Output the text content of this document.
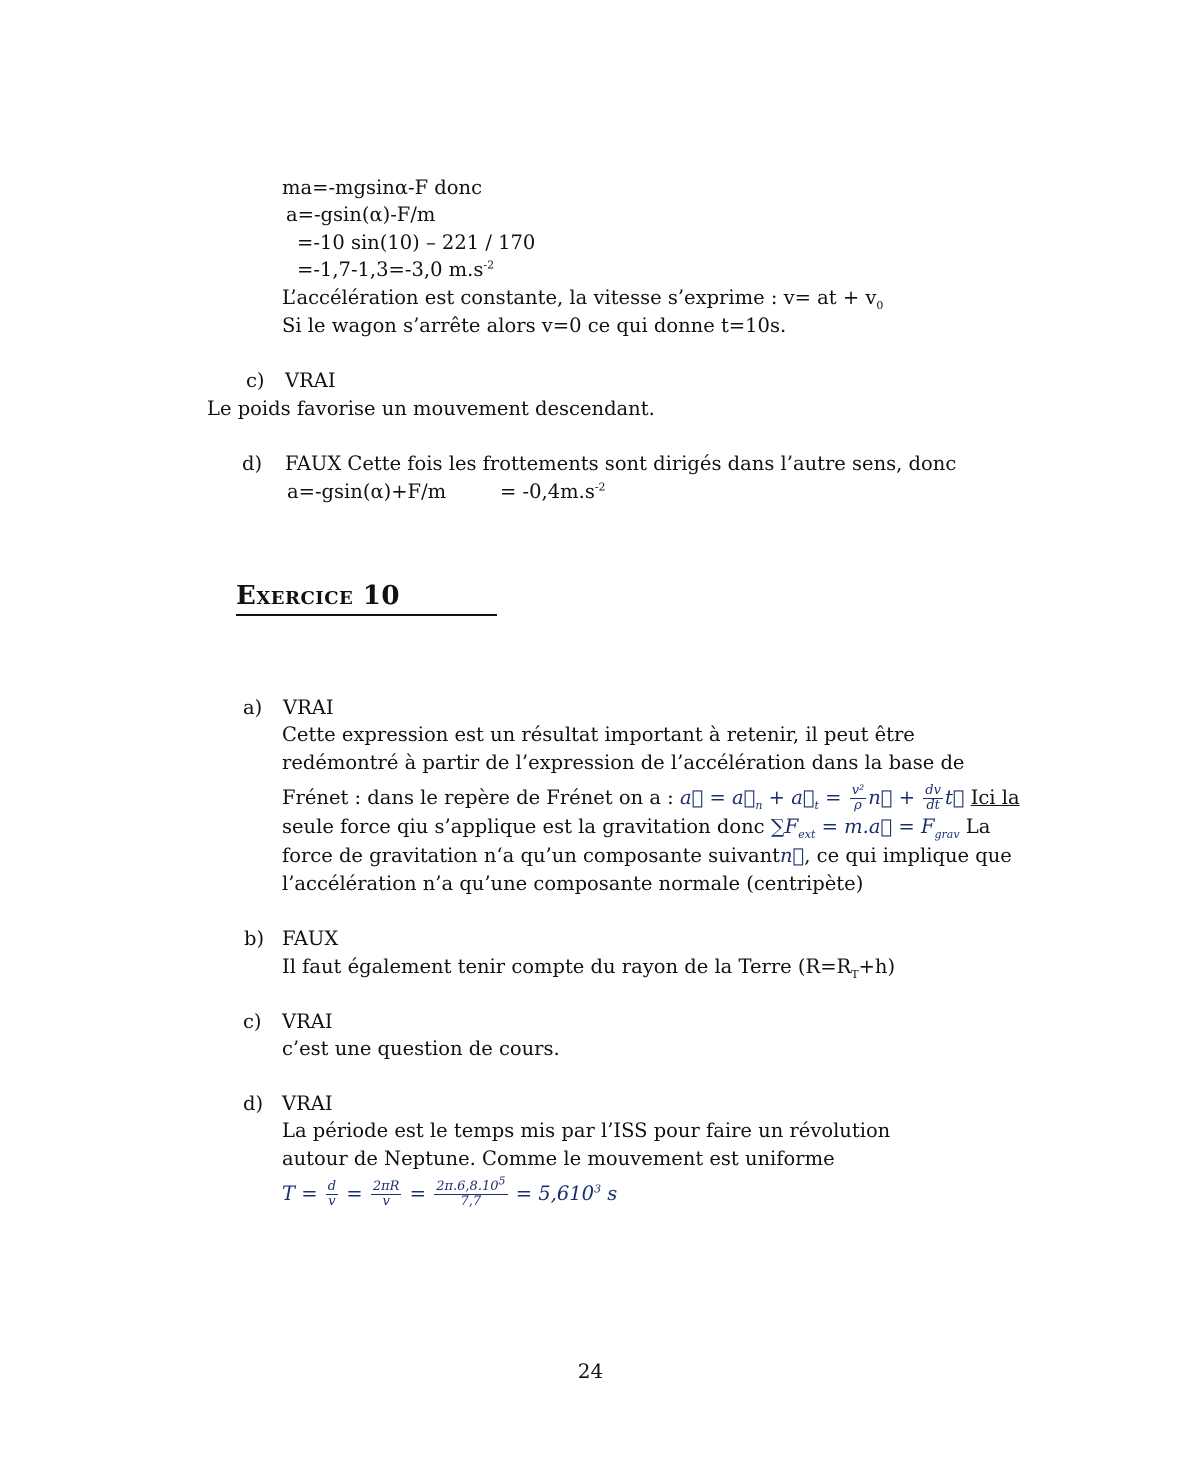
ma=-mgsinα-F donc
a=-gsin(α)-F/m
=-10 sin(10) – 221 / 170
=-1,7-1,3=-3,0 $m.s^{-2}$
L’accélération est constante, la vitesse s’exprime : v= at + $v_0$
Si le wagon s’arrête alors v=0 ce qui donne t=10s.
c) VRAI
Le poids favorise un mouvement descendant.
d) FAUX Cette fois les frottements sont dirigés dans l’autre sens, donc
a=-gsin(α)+F/m	= $-0,4m.s^{-2}$
Exercice 10
a) VRAI
Cette expression est un résultat important à retenir, il peut être
redémontré à partir de l’expression de l’accélération dans la base de
Frénet : dans le repère de Frénet on a : a⃗ = $a⃗_n$ + $a⃗_t = \frac{\text{v²}}{\rho}$ n⃗ + $\frac{dv}{dt}$ t⃗ Ici la
seule force qiu s’applique est la gravitation donc $\sum F_{ext}$ = m.a⃗ = $F_{grav}$ La
force de gravitation n‘a qu’un composante suivantn⃗, ce qui implique que
l’accélération n’a qu’une composante normale (centripète)
b) FAUX
Il faut également tenir compte du rayon de la Terre $(R=R_T+h)$
c) VRAI
c’est une question de cours.
d) VRAI
La période est le temps mis par l’ISS pour faire un révolution
autour de Neptune. Comme le mouvement est uniforme
$T = \frac{d}{v} = \frac{2\pi R}{v} = \frac{2\pi.6,8.10^5}{7,7} = 5,610^3$ s
24
